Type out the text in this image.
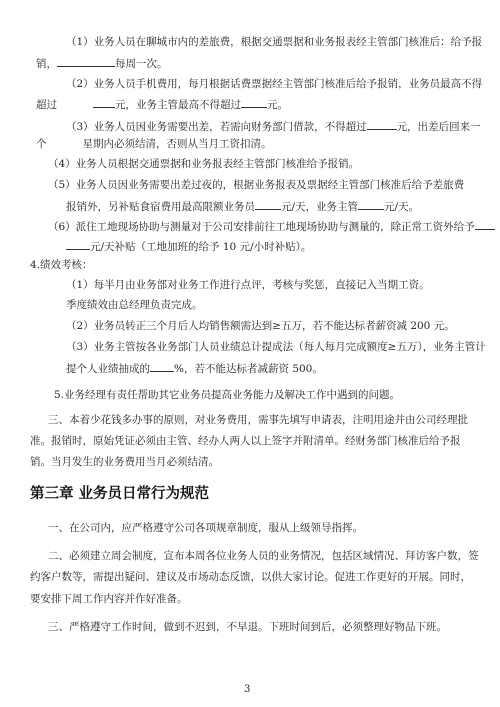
（1）业务人员在聊城市内的差旅费，根据交通票据和业务报表经主管部门核准后：给予报
销，	每周一次。
（2）业务人员手机费用，每月根据话费票据经主管部门核准后给予报销，业务员最高不得
超过	元，业务主管最高不得超过 元。
（3）业务人员因业务需要出差，若需向财务部门借款，不得超过	元，出差后回来一
个	星期内必须结清，否则从当月工资扣清。
（4）业务人员根据交通票据和业务报表经主管部门核准给予报销。
（5）业务人员因业务需要出差过夜的，根据业务报表及票据经主管部门核准后给予差旅费
报销外，另补贴食宿费用最高限额业务员 元/天，业务主管 元/天。
（6）派住工地现场协助与测量对于公司安排前往工地现场协助与测量的，除正常工资外给予
元/天补贴（工地加班的给予 10 元/小时补贴）。
4.绩效考核：
（1）每半月由业务部对业务工作进行点评，考核与奖惩，直接记入当期工资。
季度绩效由总经理负责完成。
（2）业务员转正三个月后人均销售额需达到≥五万，若不能达标者薪资减 200 元。
（3）业务主管按各业务部门人员业绩总计提成法（每人每月完成额度≥五万），业务主管计
提个人业绩抽成的 %，若不能达标者减薪资 500。
5.业务经理有责任帮助其它业务员提高业务能力及解决工作中遇到的问题。
三、本着少花钱多办事的原则，对业务费用，需事先填写申请表，注明用途并由公司经理批
准。报销时，原始凭证必须由主管、经办人两人以上签字并附清单。经财务部门核准后给予报
销。当月发生的业务费用当月必须结清。
第三章 业务员日常行为规范
一、在公司内，应严格遵守公司各项规章制度，服从上级领导指挥。
二、必须建立周会制度，宣布本周各位业务人员的业务情况，包括区域情况、拜访客户数，签
约客户数等，需提出疑问、建议及市场动态反馈，以供大家讨论。促进工作更好的开展。同时，
要安排下周工作内容并作好准备。
三、严格遵守工作时间，做到不迟到，不早退。下班时间到后，必须整理好物品下班。
3
